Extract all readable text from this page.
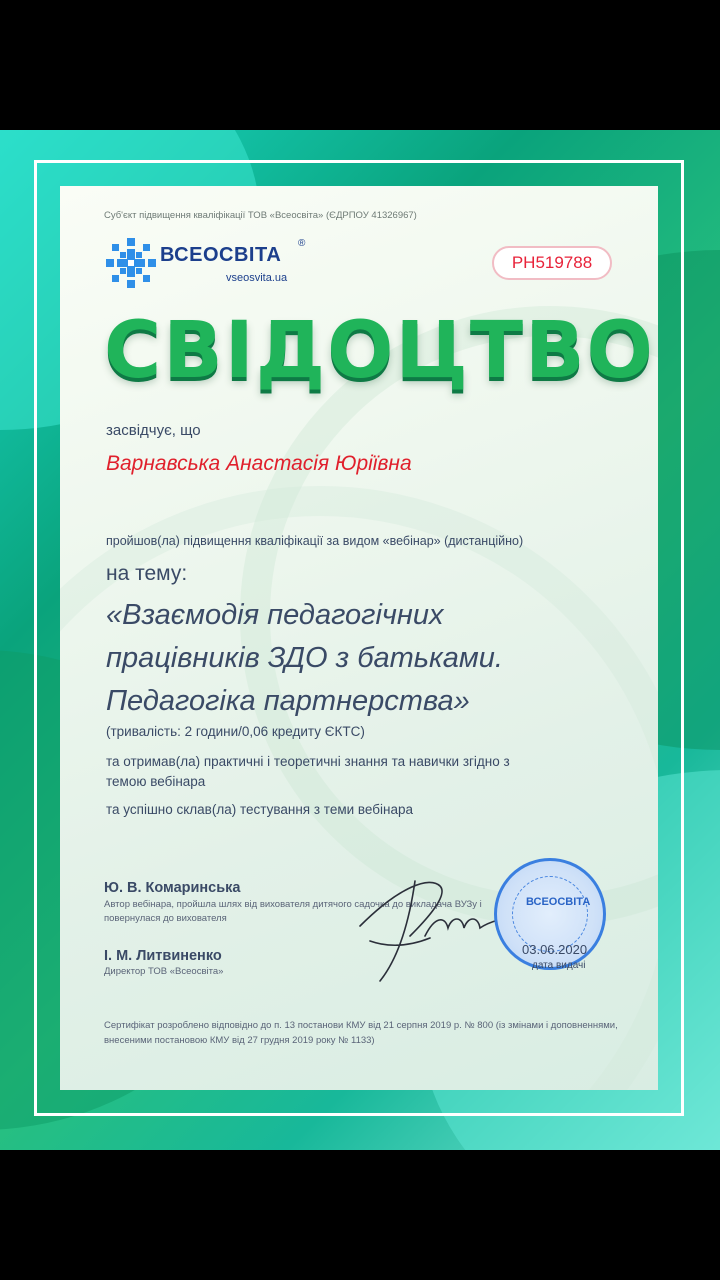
Суб'єкт підвищення кваліфікації ТОВ «Всеосвіта» (ЄДРПОУ 41326967)

ВСЕОСВІТА

®

vseosvita.ua

PH519788

СВІДОЦТВО

засвідчує, що

Варнавська Анастасія Юріївна

пройшов(ла) підвищення кваліфікації за видом «вебінар» (дистанційно)

на тему:

«Взаємодія педагогічних
працівників ЗДО з батьками.
Педагогіка партнерства»

(тривалість: 2 години/0,06 кредиту ЄКТС)

та отримав(ла) практичні і теоретичні знання та навички згідно з темою вебінара

та успішно склав(ла) тестування з теми вебінара

Ю. В. Комаринська

Автор вебінара, пройшла шлях від вихователя дитячого садочка до викладача ВУЗу і повернулася до вихователя

І. М. Литвиненко

Директор ТОВ «Всеосвіта»

ВСЕОСВІТА

03.06.2020

дата видачі

Сертифікат розроблено відповідно до п. 13 постанови КМУ від 21 серпня 2019 р. № 800 (із змінами і доповненнями, внесеними постановою КМУ від 27 грудня 2019 року № 1133)
